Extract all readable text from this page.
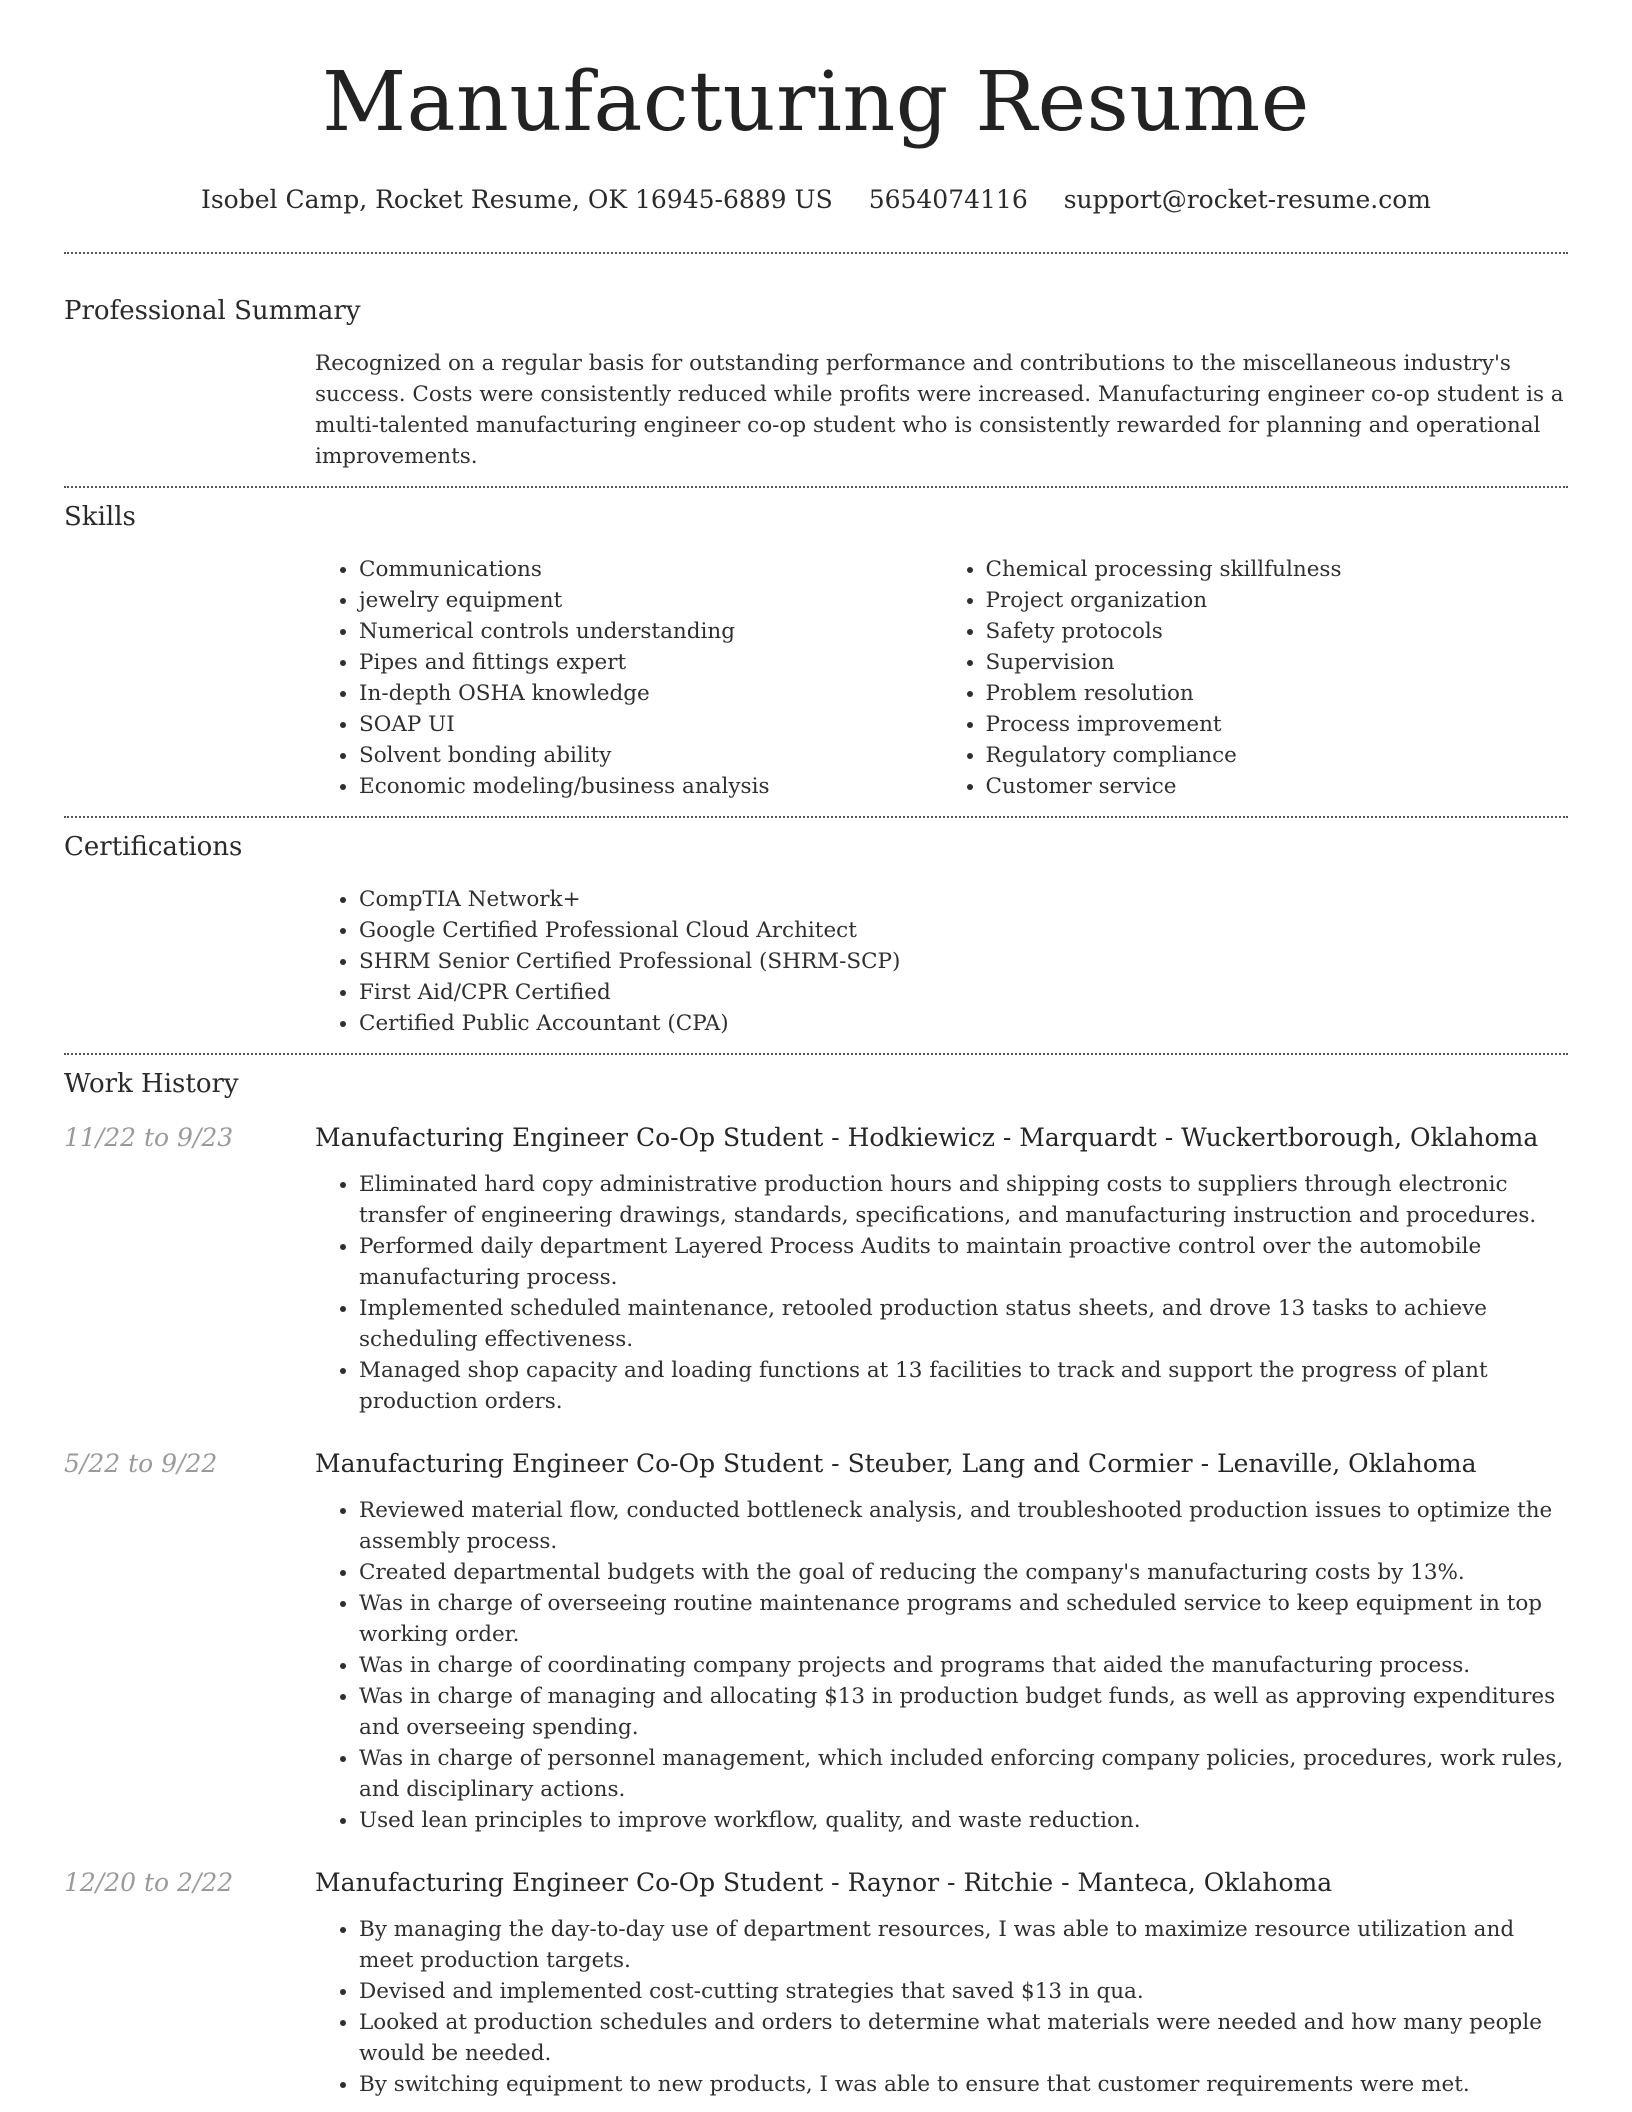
Manufacturing Resume
Isobel Camp, Rocket Resume, OK 16945-6889 US 5654074116 support@rocket-resume.com
Professional Summary

Recognized on a regular basis for outstanding performance and contributions to the miscellaneous industry's success. Costs were consistently reduced while profits were increased. Manufacturing engineer co-op student is a multi-talented manufacturing engineer co-op student who is consistently rewarded for planning and operational improvements.

Skills
• Communications
• jewelry equipment
• Numerical controls understanding
• Pipes and fittings expert
• In-depth OSHA knowledge
• SOAP UI
• Solvent bonding ability
• Economic modeling/business analysis
• Chemical processing skillfulness
• Project organization
• Safety protocols
• Supervision
• Problem resolution
• Process improvement
• Regulatory compliance
• Customer service
Certifications
• CompTIA Network+
• Google Certified Professional Cloud Architect
• SHRM Senior Certified Professional (SHRM-SCP)
• First Aid/CPR Certified
• Certified Public Accountant (CPA)
Work History
11/22 to 9/23	Manufacturing Engineer Co-Op Student - Hodkiewicz - Marquardt - Wuckertborough, Oklahoma
• Eliminated hard copy administrative production hours and shipping costs to suppliers through electronic transfer of engineering drawings, standards, specifications, and manufacturing instruction and procedures.
• Performed daily department Layered Process Audits to maintain proactive control over the automobile manufacturing process.
• Implemented scheduled maintenance, retooled production status sheets, and drove 13 tasks to achieve scheduling effectiveness.
• Managed shop capacity and loading functions at 13 facilities to track and support the progress of plant production orders.
5/22 to 9/22	Manufacturing Engineer Co-Op Student - Steuber, Lang and Cormier - Lenaville, Oklahoma
• Reviewed material flow, conducted bottleneck analysis, and troubleshooted production issues to optimize the assembly process.
• Created departmental budgets with the goal of reducing the company's manufacturing costs by 13%.
• Was in charge of overseeing routine maintenance programs and scheduled service to keep equipment in top working order.
• Was in charge of coordinating company projects and programs that aided the manufacturing process.
• Was in charge of managing and allocating $13 in production budget funds, as well as approving expenditures and overseeing spending.
• Was in charge of personnel management, which included enforcing company policies, procedures, work rules, and disciplinary actions.
• Used lean principles to improve workflow, quality, and waste reduction.
12/20 to 2/22	Manufacturing Engineer Co-Op Student - Raynor - Ritchie - Manteca, Oklahoma
• By managing the day-to-day use of department resources, I was able to maximize resource utilization and meet production targets.
• Devised and implemented cost-cutting strategies that saved $13 in qua.
• Looked at production schedules and orders to determine what materials were needed and how many people would be needed.
• By switching equipment to new products, I was able to ensure that customer requirements were met.
